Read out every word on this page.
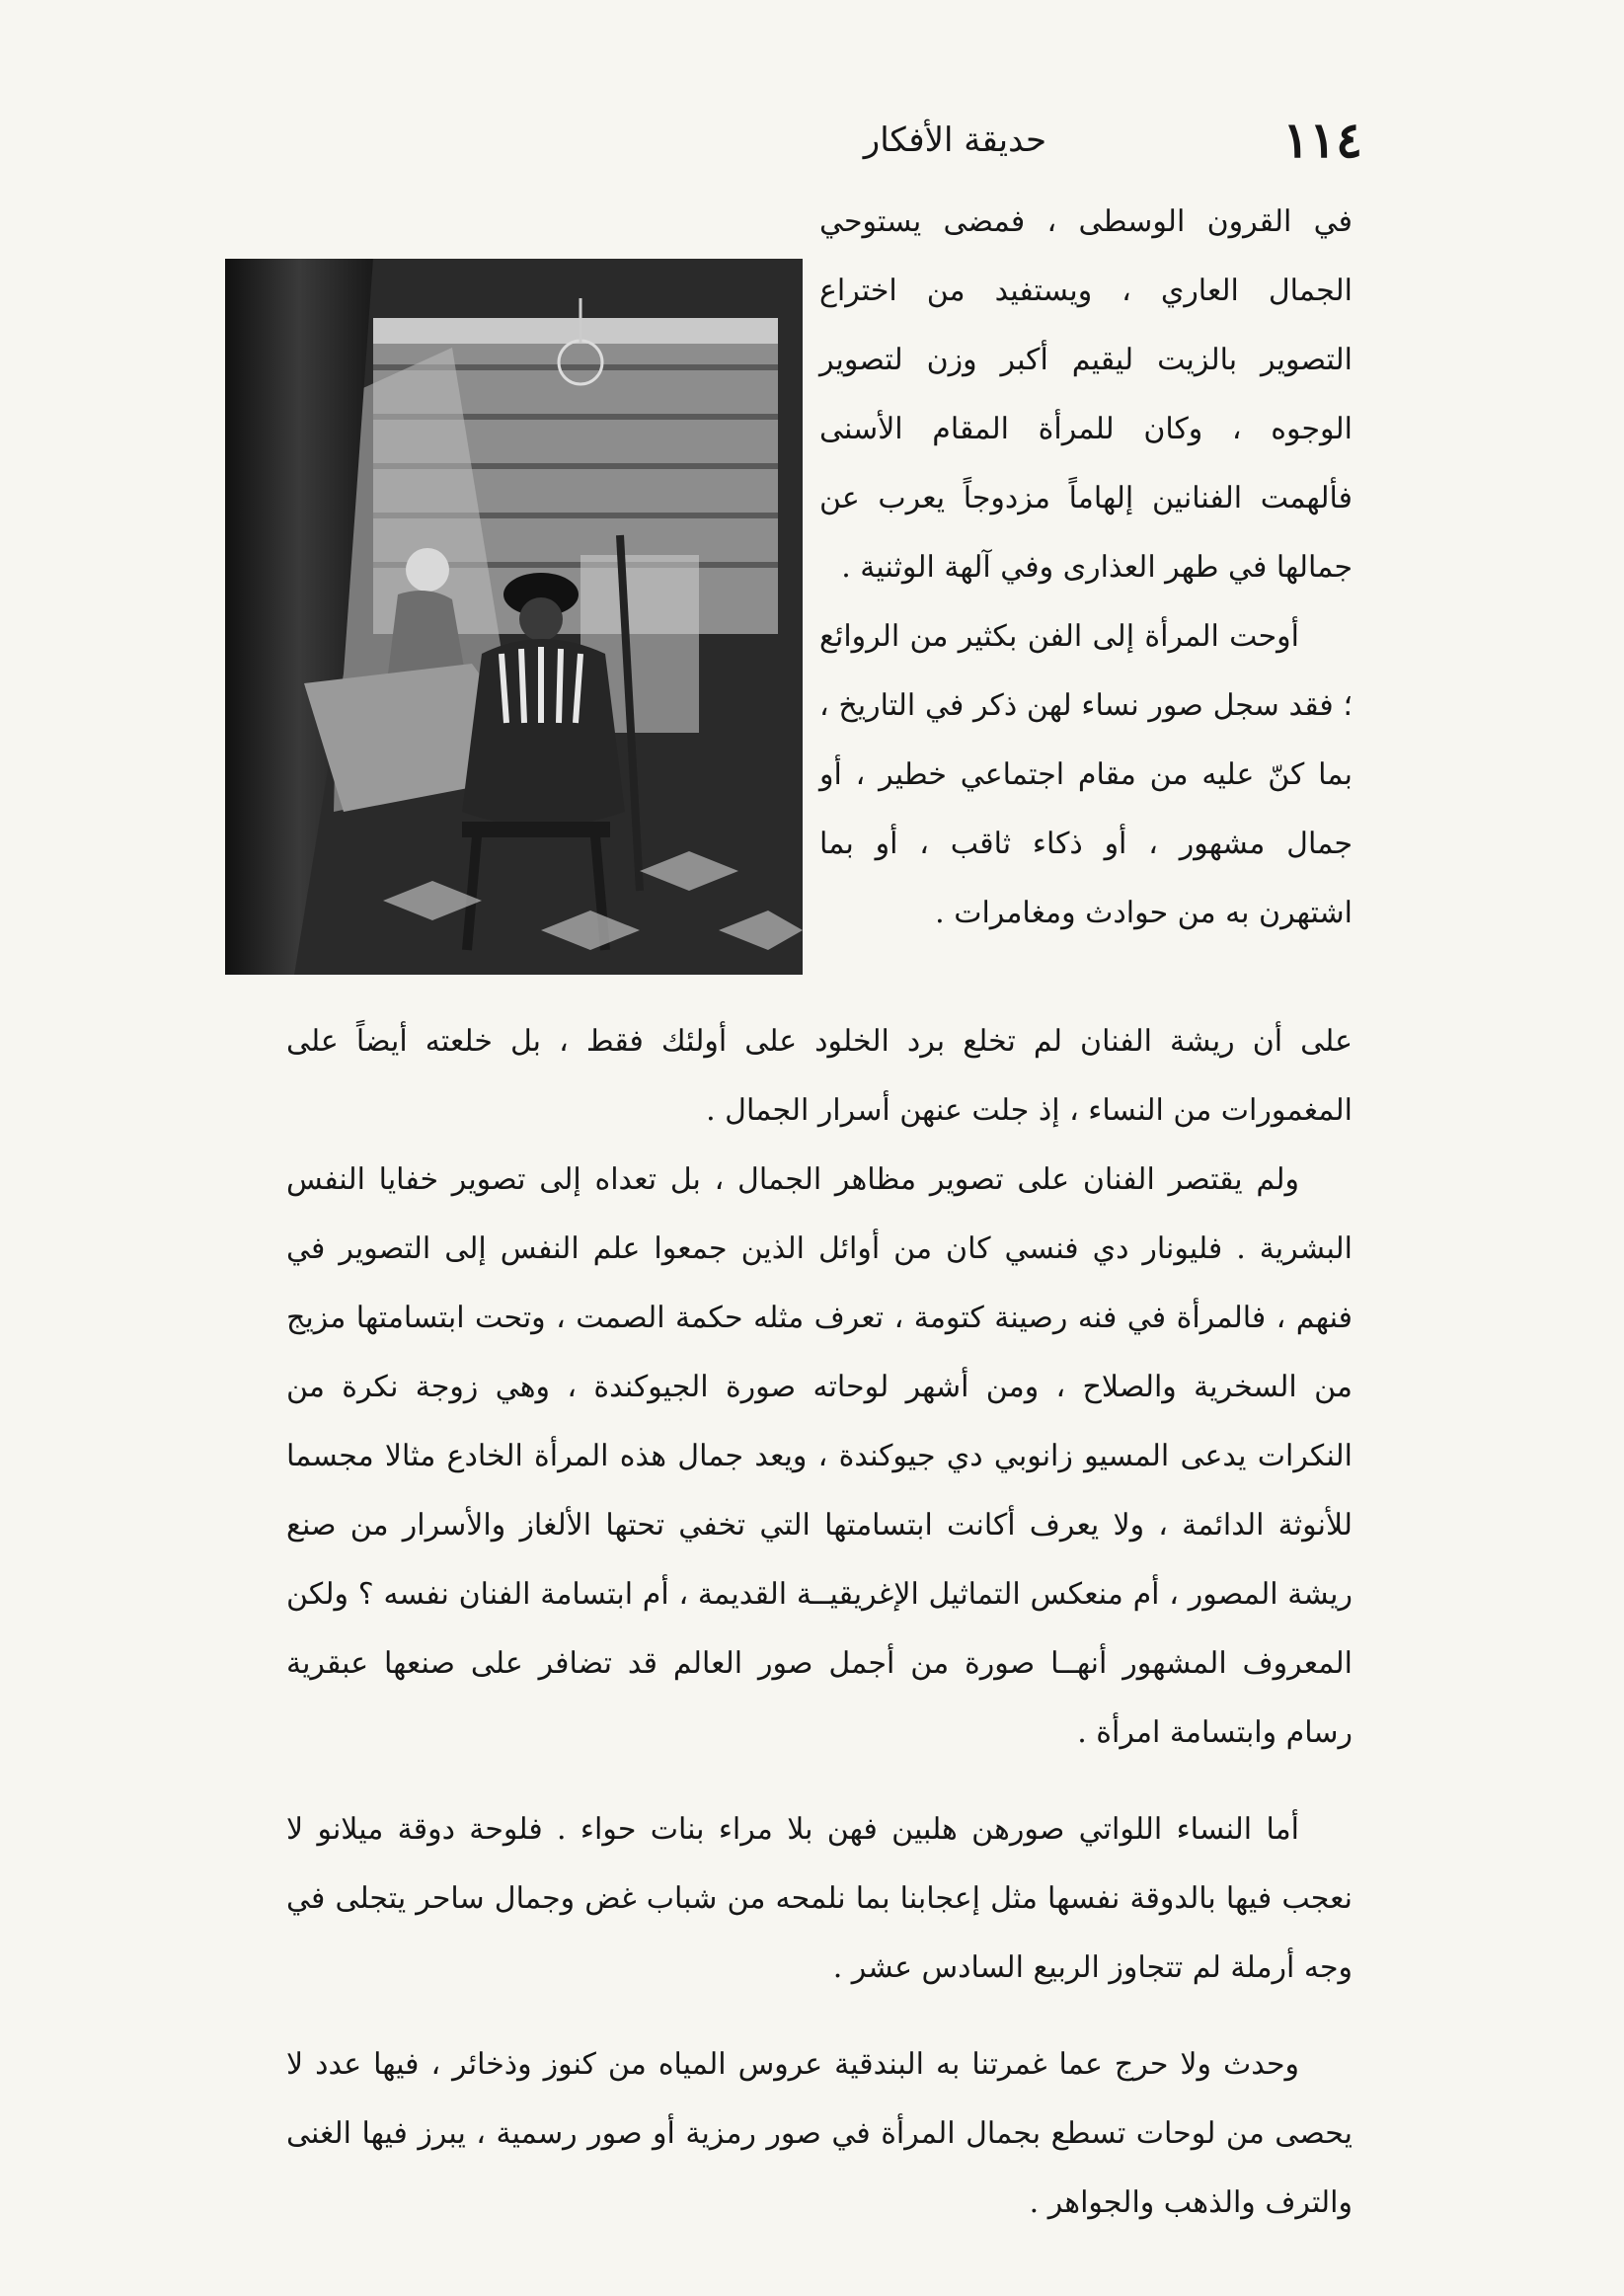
١١٤
حديقة الأفكار

في القرون الوسطى ، فمضى يستوحي الجمال العاري ، ويستفيد من اختراع التصوير بالزيت ليقيم أكبر وزن لتصوير الوجوه ، وكان للمرأة المقام الأسنى فألهمت الفنانين إلهاماً مزدوجاً يعرب عن جمالها في طهر العذارى وفي آلهة الوثنية .

أوحت المرأة إلى الفن بكثير من الروائع ؛ فقد سجل صور نساء لهن ذكر في التاريخ ، بما كنّ عليه من مقام اجتماعي خطير ، أو جمال مشهور ، أو ذكاء ثاقب ، أو بما اشتهرن به من حوادث ومغامرات .

على أن ريشة الفنان لم تخلع برد الخلود على أولئك فقط ، بل خلعته أيضاً على المغمورات من النساء ، إذ جلت عنهن أسرار الجمال .

ولم يقتصر الفنان على تصوير مظاهر الجمال ، بل تعداه إلى تصوير خفايا النفس البشرية . فليونار دي فنسي كان من أوائل الذين جمعوا علم النفس إلى التصوير في فنهم ، فالمرأة في فنه رصينة كتومة ، تعرف مثله حكمة الصمت ، وتحت ابتسامتها مزيج من السخرية والصلاح ، ومن أشهر لوحاته صورة الجيوكندة ، وهي زوجة نكرة من النكرات يدعى المسيو زانوبي دي جيوكندة ، ويعد جمال هذه المرأة الخادع مثالا مجسما للأنوثة الدائمة ، ولا يعرف أكانت ابتسامتها التي تخفي تحتها الألغاز والأسرار من صنع ريشة المصور ، أم منعكس التماثيل الإغريقيــة القديمة ، أم ابتسامة الفنان نفسه ؟ ولكن المعروف المشهور أنهــا صورة من أجمل صور العالم قد تضافر على صنعها عبقرية رسام وابتسامة امرأة .

أما النساء اللواتي صورهن هلبين فهن بلا مراء بنات حواء . فلوحة دوقة ميلانو لا نعجب فيها بالدوقة نفسها مثل إعجابنا بما نلمحه من شباب غض وجمال ساحر يتجلى في وجه أرملة لم تتجاوز الربيع السادس عشر .

وحدث ولا حرج عما غمرتنا به البندقية عروس المياه من كنوز وذخائر ، فيها عدد لا يحصى من لوحات تسطع بجمال المرأة في صور رمزية أو صور رسمية ، يبرز فيها الغنى والترف والذهب والجواهر .
